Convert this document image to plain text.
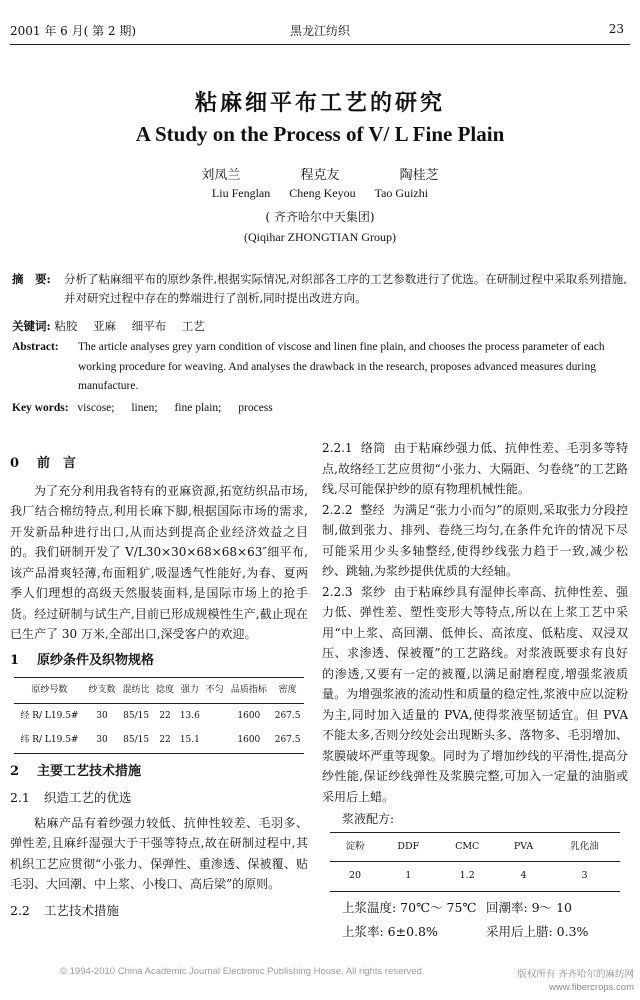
2001 年 6 月( 第 2 期)	黑龙江纺织	23
粘麻细平布工艺的研究
A Study on the Process of V/ L Fine Plain
刘凤兰	程克友	陶桂芝
Liu Fenglan Cheng Keyou Tao Guizhi
( 齐齐哈尔中天集团)
(Qiqihar ZHONGTIAN Group)
摘　要: 分析了粘麻细平布的原纱条件,根据实际情况,对织部各工序的工艺参数进行了优选。在研制过程中采取系列措施,并对研究过程中存在的弊端进行了剖析,同时提出改进方向。
关键词: 粘胶 亚麻 细平布 工艺
Abstract: The article analyses grey yarn condition of viscose and linen fine plain, and chooses the process parameter of each working procedure for weaving. And analyses the drawback in the research, proposes advanced measures during manufacture.
Key words: viscose; linen; fine plain; process
0 前　言

为了充分利用我省特有的亚麻资源,拓宽纺织品市场,我厂结合棉纺特点,利用长麻下脚,根据国际市场的需求,开发新品种进行出口,从而达到提高企业经济效益之目的。我们研制开发了 V/L30×30×68×68×63″细平布,该产品滑爽轻薄,布面粗犷,吸湿透气性能好,为春、夏两季人们理想的高级天然服装面料,是国际市场上的抢手货。经过研制与试生产,目前已形成规模性生产,截止现在已生产了 30 万米,全部出口,深受客户的欢迎。

1 原纱条件及织物规格
原纱号数	纱支数	混纺比	捻度	强力	不匀	品质指标	密度
经 R/ L19.5#	30	85/15	22	13.6		1600	267.5
纬 R/ L19.5#	30	85/15	22	15.1		1600	267.5
2 主要工艺技术措施
2.1 织造工艺的优选

粘麻产品有着纱强力较低、抗伸性较差、毛羽多、弹性差,且麻纤湿强大于干强等特点,故在研制过程中,其机织工艺应贯彻“小张力、保弹性、重渗透、保被覆、贴毛羽、大回潮、中上浆、小梭口、高后梁”的原则。

2.2 工艺技术措施

2.2.1 络筒 由于粘麻纱强力低、抗伸性差、毛羽多等特点,故络经工艺应贯彻“小张力、大隔距、匀卷绕”的工艺路线,尽可能保护纱的原有物理机械性能。

2.2.2 整经 为满足“张力小而匀”的原则,采取张力分段控制,做到张力、排列、卷绕三均匀,在条件允许的情况下尽可能采用少头多轴整经,使得纱线张力趋于一致,减少松纱、跳轴,为浆纱提供优质的大经轴。

2.2.3 浆纱 由于粘麻纱具有湿伸长率高、抗伸性差、强力低、弹性差、塑性变形大等特点,所以在上浆工艺中采用“中上浆、高回潮、低伸长、高浓度、低粘度、双浸双压、求渗透、保被覆”的工艺路线。对浆液既要求有良好的渗透,又要有一定的被覆,以满足耐磨程度,增强浆液质量。为增强浆液的流动性和质量的稳定性,浆液中应以淀粉为主,同时加入适量的 PVA,使得浆液坚韧适宜。但 PVA 不能太多,否则分绞处会出现断头多、落物多、毛羽增加、浆膜破坏严重等现象。同时为了增加纱线的平滑性,提高分纱性能,保证纱线弹性及浆膜完整,可加入一定量的油脂或采用后上蜡。

浆液配方:
淀粉	DDF	CMC	PVA	乳化油
20	1	1.2	4	3
上浆温度: 70℃～ 75℃ 回潮率: 9～ 10
上浆率: 6±0.8%	采用后上腊: 0.3%
© 1994-2010 China Academic Journal Electronic Publishing House. All rights reserved.	版权所有 齐齐哈尔的麻纺网
www.fibercrops.com
